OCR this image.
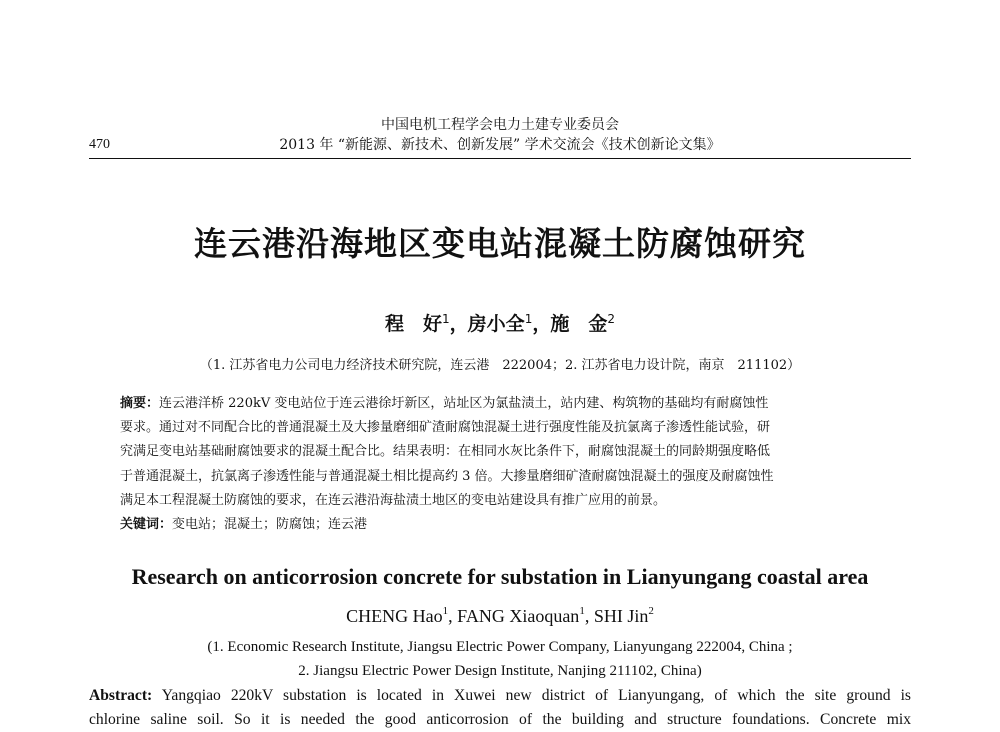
中国电机工程学会电力土建专业委员会
470	2013 年 “新能源、新技术、创新发展” 学术交流会《技术创新论文集》
连云港沿海地区变电站混凝土防腐蚀研究
程　好$^1$，房小全$^1$，施　金$^2$
（1. 江苏省电力公司电力经济技术研究院，连云港　222004；2. 江苏省电力设计院，南京　211102）
摘要：连云港洋桥 220kV 变电站位于连云港徐圩新区，站址区为氯盐渍土，站内建、构筑物的基础均有耐腐蚀性
要求。通过对不同配合比的普通混凝土及大掺量磨细矿渣耐腐蚀混凝土进行强度性能及抗氯离子渗透性能试验，研
究满足变电站基础耐腐蚀要求的混凝土配合比。结果表明：在相同水灰比条件下，耐腐蚀混凝土的同龄期强度略低
于普通混凝土，抗氯离子渗透性能与普通混凝土相比提高约 3 倍。大掺量磨细矿渣耐腐蚀混凝土的强度及耐腐蚀性
满足本工程混凝土防腐蚀的要求，在连云港沿海盐渍土地区的变电站建设具有推广应用的前景。
关键词：变电站；混凝土；防腐蚀；连云港
Research on anticorrosion concrete for substation in Lianyungang coastal area
CHENG Hao$^1$, FANG Xiaoquan$^1$, SHI Jin$^2$
(1. Economic Research Institute, Jiangsu Electric Power Company, Lianyungang 222004, China ;
2. Jiangsu Electric Power Design Institute, Nanjing 211102, China)
Abstract: Yangqiao 220kV substation is located in Xuwei new district of Lianyungang, of which the site ground is
chlorine saline soil. So it is needed the good anticorrosion of the building and structure foundations. Concrete mix
